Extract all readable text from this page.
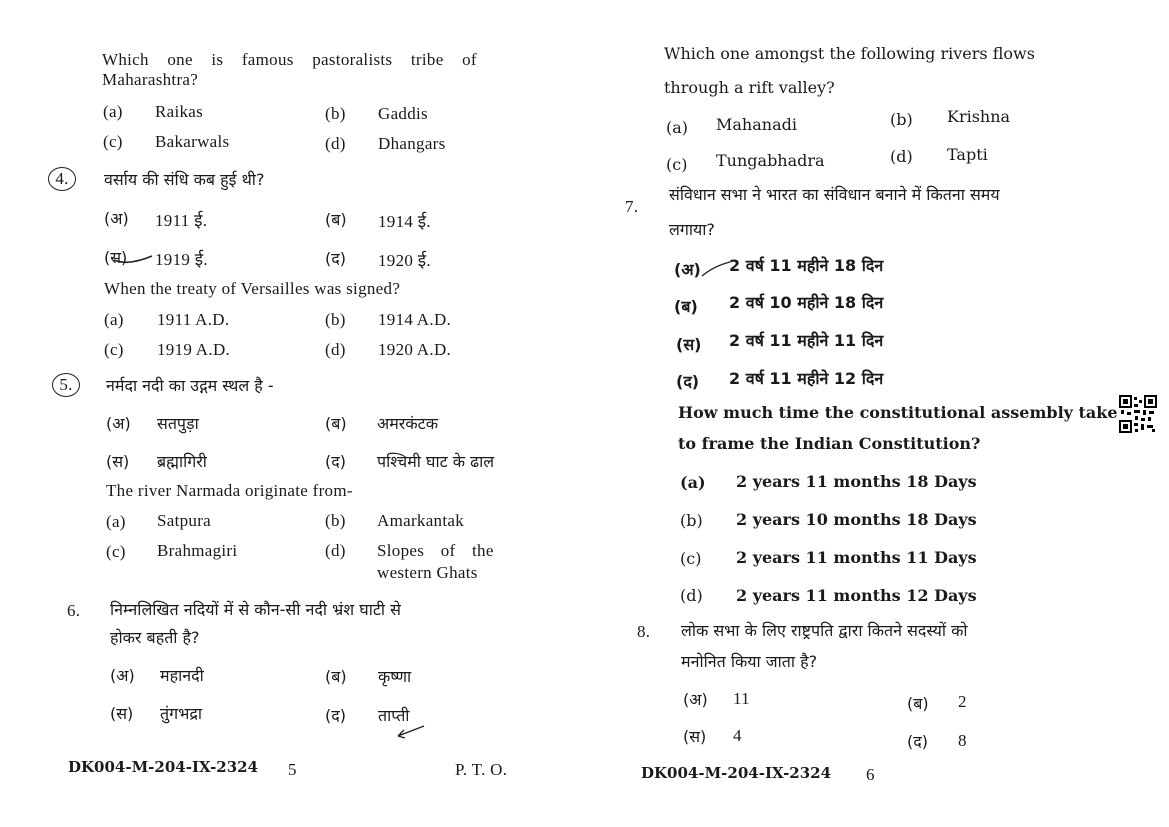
Which one is famous pastoralists tribe of
Maharashtra?
(a) Raikas	(b) Gaddis
(c) Bakarwals	(d) Dhangars
4.	वर्साय की संधि कब हुई थी?
(अ) 1911 ई.	(ब) 1914 ई.
(स) 1919 ई.	(द) 1920 ई.
When the treaty of Versailles was signed?
(a) 1911 A.D.	(b) 1914 A.D.
(c) 1919 A.D.	(d) 1920 A.D.
5.	नर्मदा नदी का उद्गम स्थल है -
(अ) सतपुड़ा	(ब) अमरकंटक
(स) ब्रह्मागिरी	(द) पश्चिमी घाट के ढाल
The river Narmada originate from-
(a) Satpura	(b) Amarkantak
(c) Brahmagiri	(d) Slopes of the
western Ghats
6. निम्नलिखित नदियों में से कौन-सी नदी भ्रंश घाटी से
होकर बहती है?
(अ) महानदी	(ब) कृष्णा
(स) तुंगभद्रा	(द) ताप्ती
DK004-M-204-IX-2324 5	P. T. O.
Which one amongst the following rivers flows
through a rift valley?
(a) Mahanadi	(b) Krishna
(c) Tungabhadra	(d) Tapti
7.
संविधान सभा ने भारत का संविधान बनाने में कितना समय
लगाया?
(अ) 2 वर्ष 11 महीने 18 दिन
(ब) 2 वर्ष 10 महीने 18 दिन
(स) 2 वर्ष 11 महीने 11 दिन
(द) 2 वर्ष 11 महीने 12 दिन
How much time the constitutional assembly take
to frame the Indian Constitution?
(a) 2 years 11 months 18 Days
(b) 2 years 10 months 18 Days
(c) 2 years 11 months 11 Days
(d) 2 years 11 months 12 Days
8. लोक सभा के लिए राष्ट्रपति द्वारा कितने सदस्यों को
मनोनित किया जाता है?
(अ) 11	(ब) 2
(स) 4	(द) 8
DK004-M-204-IX-2324 6
